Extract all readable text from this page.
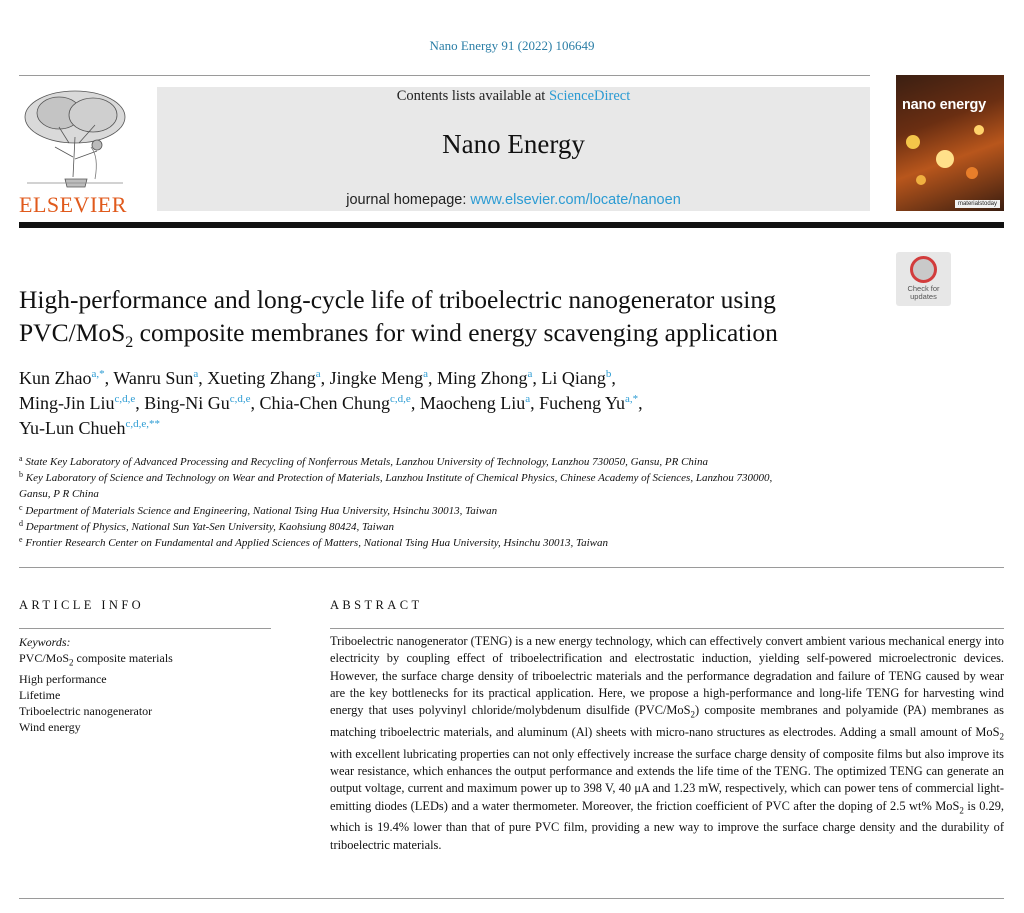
Nano Energy 91 (2022) 106649
ELSEVIER
Contents lists available at ScienceDirect
Nano Energy
journal homepage: www.elsevier.com/locate/nanoen
nano energy
materialstoday
Check for
updates
High-performance and long-cycle life of triboelectric nanogenerator using
PVC/MoS$_2$ composite membranes for wind energy scavenging application
Kun Zhao$^{a,*}$, Wanru Sun$^a$, Xueting Zhang$^a$, Jingke Meng$^a$, Ming Zhong$^a$, Li Qiang$^b$,
Ming-Jin Liu$^{c,d,e}$, Bing-Ni Gu$^{c,d,e}$, Chia-Chen Chung$^{c,d,e}$, Maocheng Liu$^a$, Fucheng $Yu^{a,*}$,
Yu-Lun Chueh$^{c,d,e,**}$
$^a$ State Key Laboratory of Advanced Processing and Recycling of Nonferrous Metals, Lanzhou University of Technology, Lanzhou 730050, Gansu, PR China
$^b$ Key Laboratory of Science and Technology on Wear and Protection of Materials, Lanzhou Institute of Chemical Physics, Chinese Academy of Sciences, Lanzhou 730000,
Gansu, P R China
$^c$ Department of Materials Science and Engineering, National Tsing Hua University, Hsinchu 30013, Taiwan
$^d$ Department of Physics, National Sun Yat-Sen University, Kaohsiung 80424, Taiwan
$^e$ Frontier Research Center on Fundamental and Applied Sciences of Matters, National Tsing Hua University, Hsinchu 30013, Taiwan
ARTICLE INFO
Keywords:
PVC/MoS$_2$ composite materials
High performance
Lifetime
Triboelectric nanogenerator
Wind energy
ABSTRACT
Triboelectric nanogenerator (TENG) is a new energy technology, which can effectively convert ambient various mechanical energy into electricity by coupling effect of triboelectrification and electrostatic induction, yielding self-powered microelectronic devices. However, the surface charge density of triboelectric materials and the performance degradation and failure of TENG caused by wear are the key bottlenecks for its practical application. Here, we propose a high-performance and long-life TENG for harvesting wind energy that uses polyvinyl chloride/molybdenum disulfide (PVC/MoS$_2$) composite membranes and polyamide (PA) membranes as matching triboelectric materials, and aluminum (Al) sheets with micro-nano structures as electrodes. Adding a small amount of MoS$_2$ with excellent lubricating properties can not only effectively increase the surface charge density of composite films but also improve its wear resistance, which enhances the output performance and extends the life time of the TENG. The optimized TENG can generate an output voltage, current and maximum power up to 398 V, 40 μA and 1.23 mW, respectively, which can power tens of commercial light-emitting diodes (LEDs) and a water thermometer. Moreover, the friction coefficient of PVC after the doping of 2.5 wt% MoS$_2$ is 0.29, which is 19.4% lower than that of pure PVC film, providing a new way to improve the surface charge density and the durability of triboelectric materials.
